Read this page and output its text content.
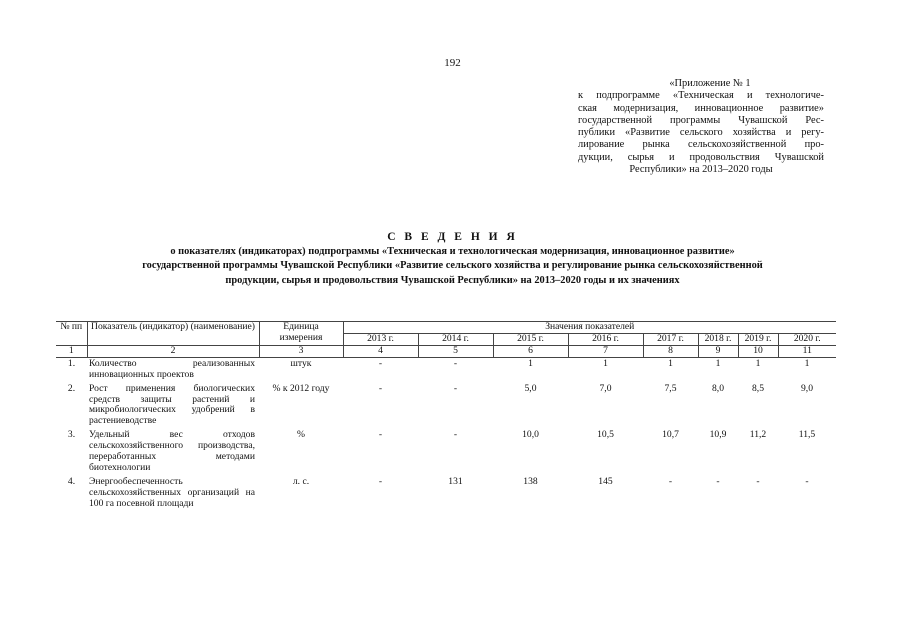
192
«Приложение № 1
к подпрограмме «Техническая и технологиче-
ская модернизация, инновационное развитие»
государственной программы Чувашской Рес-
публики «Развитие сельского хозяйства и регу-
лирование рынка сельскохозяйственной про-
дукции, сырья и продовольствия Чувашской
Республики» на 2013–2020 годы
С В Е Д Е Н И Я
о показателях (индикаторах) подпрограммы «Техническая и технологическая модернизация, инновационное развитие»
государственной программы Чувашской Республики «Развитие сельского хозяйства и регулирование рынка сельскохозяйственной
продукции, сырья и продовольствия Чувашской Республики» на 2013–2020 годы и их значениях
№ пп	Показатель (индикатор) (наименование)	Единица измерения	Значения показателей							
			2013 г.	2014 г.	2015 г.	2016 г.	2017 г.	2018 г.	2019 г.	2020 г.
1	2	3	4	5	6	7	8	9	10	11
1.	Количество реализованных инновационных проектов	штук	-	-	1	1	1	1	1	1
2.	Рост применения биологических средств защиты растений и микробиологических удобрений в растениеводстве	% к 2012 году	-	-	5,0	7,0	7,5	8,0	8,5	9,0
3.	Удельный вес отходов сельскохозяйственного производства, переработанных методами биотехнологии	%	-	-	10,0	10,5	10,7	10,9	11,2	11,5
4.	Энергообеспеченность сельскохозяйственных организаций на 100 га посевной площади	л. с.	-	131	138	145	-	-	-	-
